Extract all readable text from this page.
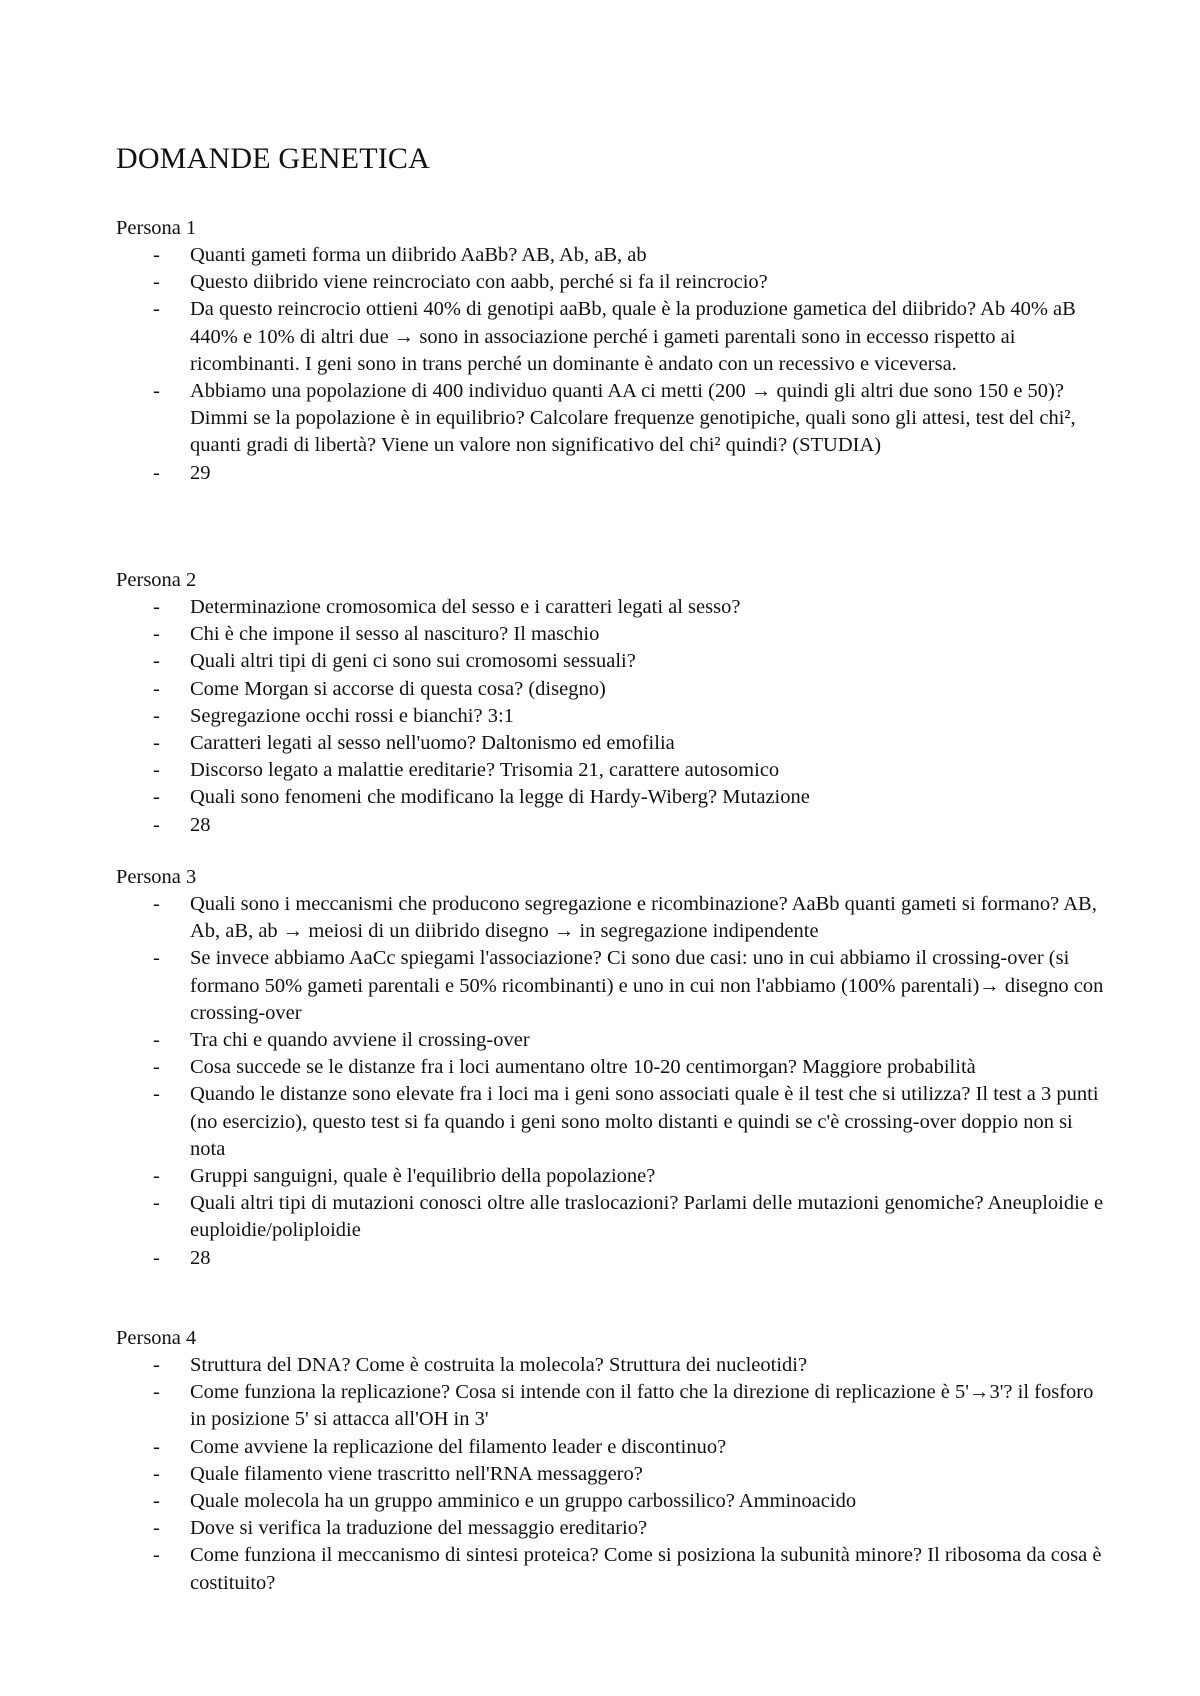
DOMANDE GENETICA

Persona 1

- Quanti gameti forma un diibrido AaBb? AB, Ab, aB, ab
- Questo diibrido viene reincrociato con aabb, perché si fa il reincrocio?
- Da questo reincrocio ottieni 40% di genotipi aaBb, quale è la produzione gametica del diibrido? Ab 40% aB 440% e 10% di altri due → sono in associazione perché i gameti parentali sono in eccesso rispetto ai ricombinanti. I geni sono in trans perché un dominante è andato con un recessivo e viceversa.
- Abbiamo una popolazione di 400 individuo quanti AA ci metti (200 → quindi gli altri due sono 150 e 50)? Dimmi se la popolazione è in equilibrio? Calcolare frequenze genotipiche, quali sono gli attesi, test del chi², quanti gradi di libertà? Viene un valore non significativo del chi² quindi? (STUDIA)
- 29

Persona 2

- Determinazione cromosomica del sesso e i caratteri legati al sesso?
- Chi è che impone il sesso al nascituro? Il maschio
- Quali altri tipi di geni ci sono sui cromosomi sessuali?
- Come Morgan si accorse di questa cosa? (disegno)
- Segregazione occhi rossi e bianchi? 3:1
- Caratteri legati al sesso nell'uomo? Daltonismo ed emofilia
- Discorso legato a malattie ereditarie? Trisomia 21, carattere autosomico
- Quali sono fenomeni che modificano la legge di Hardy-Wiberg? Mutazione
- 28

Persona 3

- Quali sono i meccanismi che producono segregazione e ricombinazione? AaBb quanti gameti si formano? AB, Ab, aB, ab → meiosi di un diibrido disegno → in segregazione indipendente
- Se invece abbiamo AaCc spiegami l'associazione? Ci sono due casi: uno in cui abbiamo il crossing-over (si formano 50% gameti parentali e 50% ricombinanti) e uno in cui non l'abbiamo (100% parentali)→ disegno con crossing-over
- Tra chi e quando avviene il crossing-over
- Cosa succede se le distanze fra i loci aumentano oltre 10-20 centimorgan? Maggiore probabilità
- Quando le distanze sono elevate fra i loci ma i geni sono associati quale è il test che si utilizza? Il test a 3 punti (no esercizio), questo test si fa quando i geni sono molto distanti e quindi se c'è crossing-over doppio non si nota
- Gruppi sanguigni, quale è l'equilibrio della popolazione?
- Quali altri tipi di mutazioni conosci oltre alle traslocazioni? Parlami delle mutazioni genomiche? Aneuploidie e euploidie/poliploidie
- 28

Persona 4

- Struttura del DNA? Come è costruita la molecola? Struttura dei nucleotidi?
- Come funziona la replicazione? Cosa si intende con il fatto che la direzione di replicazione è 5'→3'? il fosforo in posizione 5' si attacca all'OH in 3'
- Come avviene la replicazione del filamento leader e discontinuo?
- Quale filamento viene trascritto nell'RNA messaggero?
- Quale molecola ha un gruppo amminico e un gruppo carbossilico? Amminoacido
- Dove si verifica la traduzione del messaggio ereditario?
- Come funziona il meccanismo di sintesi proteica? Come si posiziona la subunità minore? Il ribosoma da cosa è costituito?
